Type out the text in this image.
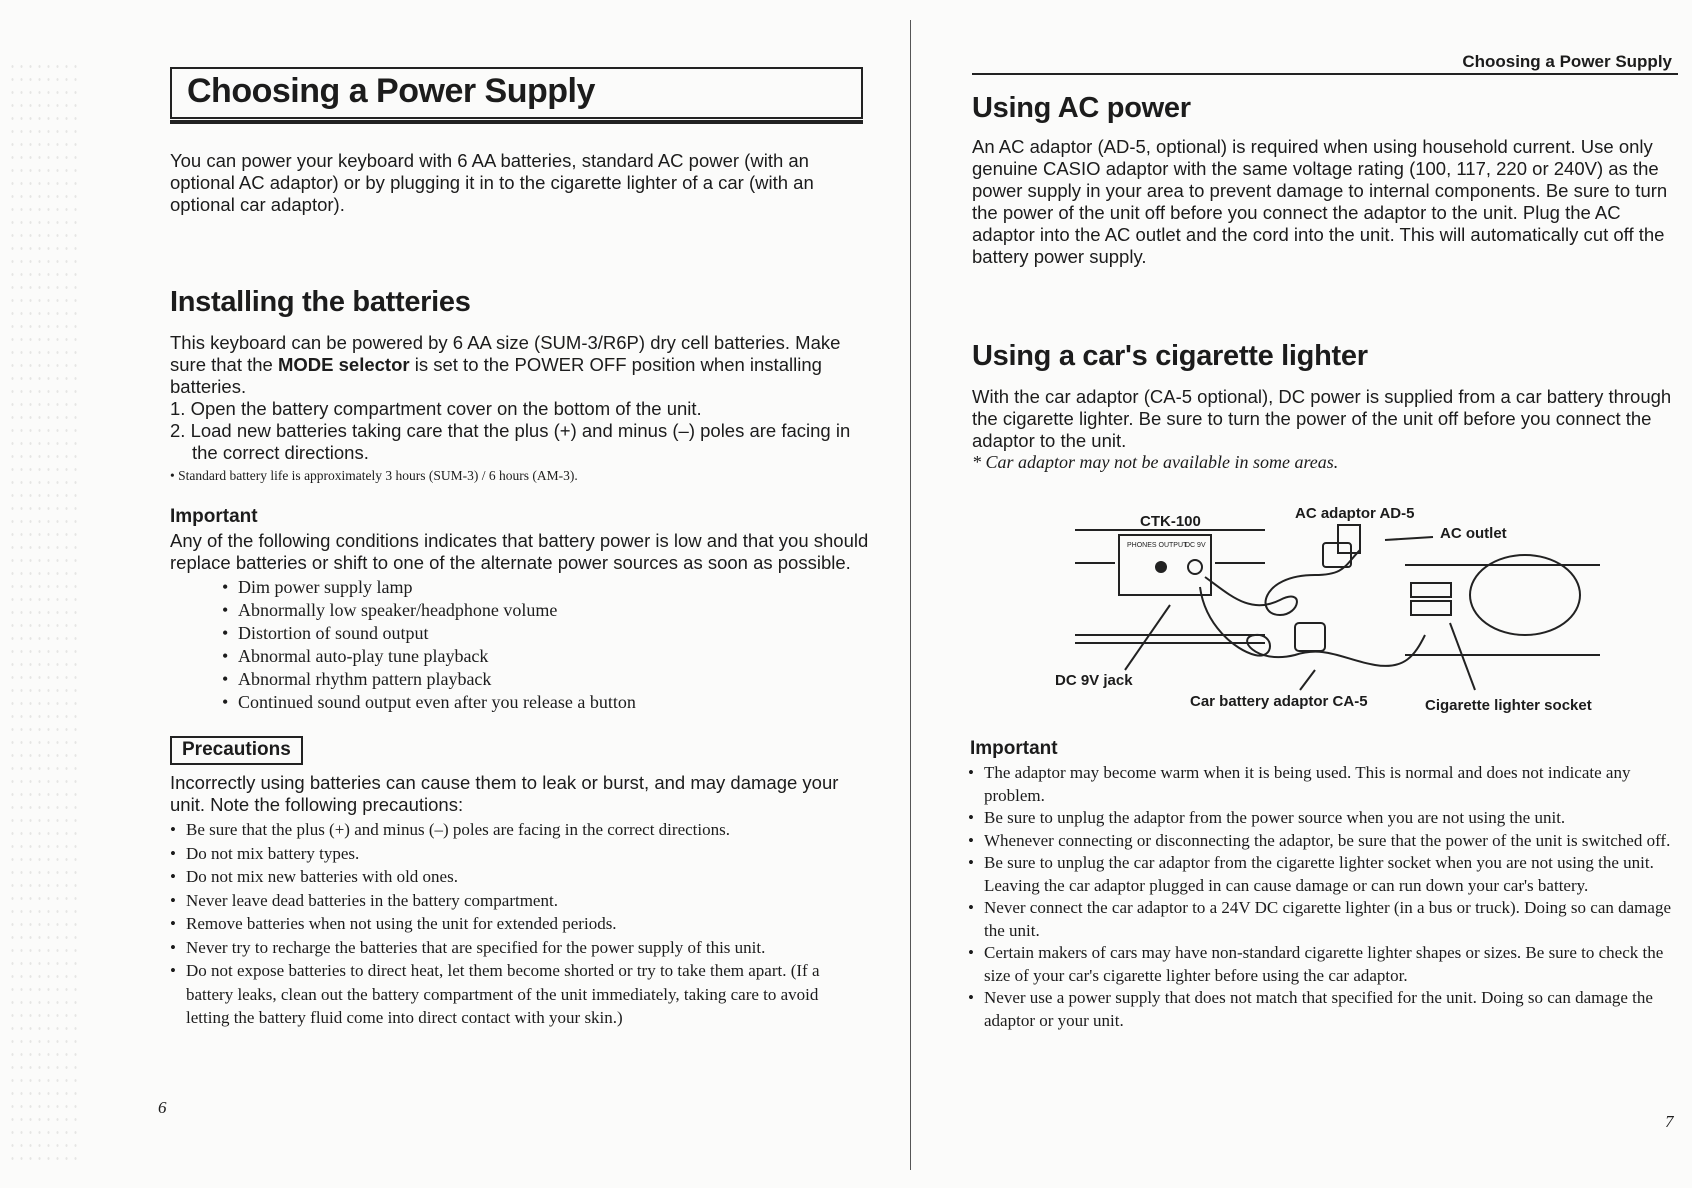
Choosing a Power Supply

You can power your keyboard with 6 AA batteries, standard AC power (with an optional AC adaptor) or by plugging it in to the cigarette lighter of a car (with an optional car adaptor).

Installing the batteries

This keyboard can be powered by 6 AA size (SUM-3/R6P) dry cell batteries. Make sure that the MODE selector is set to the POWER OFF position when installing batteries.

1. Open the battery compartment cover on the bottom of the unit.
2. Load new batteries taking care that the plus (+) and minus (–) poles are facing in the correct directions.
• Standard battery life is approximately 3 hours (SUM-3) / 6 hours (AM-3).
Important

Any of the following conditions indicates that battery power is low and that you should replace batteries or shift to one of the alternate power sources as soon as possible.

• Dim power supply lamp
• Abnormally low speaker/headphone volume
• Distortion of sound output
• Abnormal auto-play tune playback
• Abnormal rhythm pattern playback
• Continued sound output even after you release a button
Precautions

Incorrectly using batteries can cause them to leak or burst, and may damage your unit. Note the following precautions:

• Be sure that the plus (+) and minus (–) poles are facing in the correct directions.
• Do not mix battery types.
• Do not mix new batteries with old ones.
• Never leave dead batteries in the battery compartment.
• Remove batteries when not using the unit for extended periods.
• Never try to recharge the batteries that are specified for the power supply of this unit.
• Do not expose batteries to direct heat, let them become shorted or try to take them apart. (If a battery leaks, clean out the battery compartment of the unit immediately, taking care to avoid letting the battery fluid come into direct contact with your skin.)
6
Choosing a Power Supply
Using AC power

An AC adaptor (AD-5, optional) is required when using household current. Use only genuine CASIO adaptor with the same voltage rating (100, 117, 220 or 240V) as the power supply in your area to prevent damage to internal components. Be sure to turn the power of the unit off before you connect the adaptor to the unit. Plug the AC adaptor into the AC outlet and the cord into the unit. This will automatically cut off the battery power supply.

Using a car's cigarette lighter

With the car adaptor (CA-5 optional), DC power is supplied from a car battery through the cigarette lighter. Be sure to turn the power of the unit off before you connect the adaptor to the unit.

* Car adaptor may not be available in some areas.
PHONES OUTPUT
DC 9V
CTK-100	AC adaptor AD-5
AC outlet
DC 9V jack
Car battery adaptor CA-5	Cigarette lighter socket
Important
• The adaptor may become warm when it is being used. This is normal and does not indicate any problem.
• Be sure to unplug the adaptor from the power source when you are not using the unit.
• Whenever connecting or disconnecting the adaptor, be sure that the power of the unit is switched off.
• Be sure to unplug the car adaptor from the cigarette lighter socket when you are not using the unit. Leaving the car adaptor plugged in can cause damage or can run down your car's battery.
• Never connect the car adaptor to a 24V DC cigarette lighter (in a bus or truck). Doing so can damage the unit.
• Certain makers of cars may have non-standard cigarette lighter shapes or sizes. Be sure to check the size of your car's cigarette lighter before using the car adaptor.
• Never use a power supply that does not match that specified for the unit. Doing so can damage the adaptor or your unit.
7
